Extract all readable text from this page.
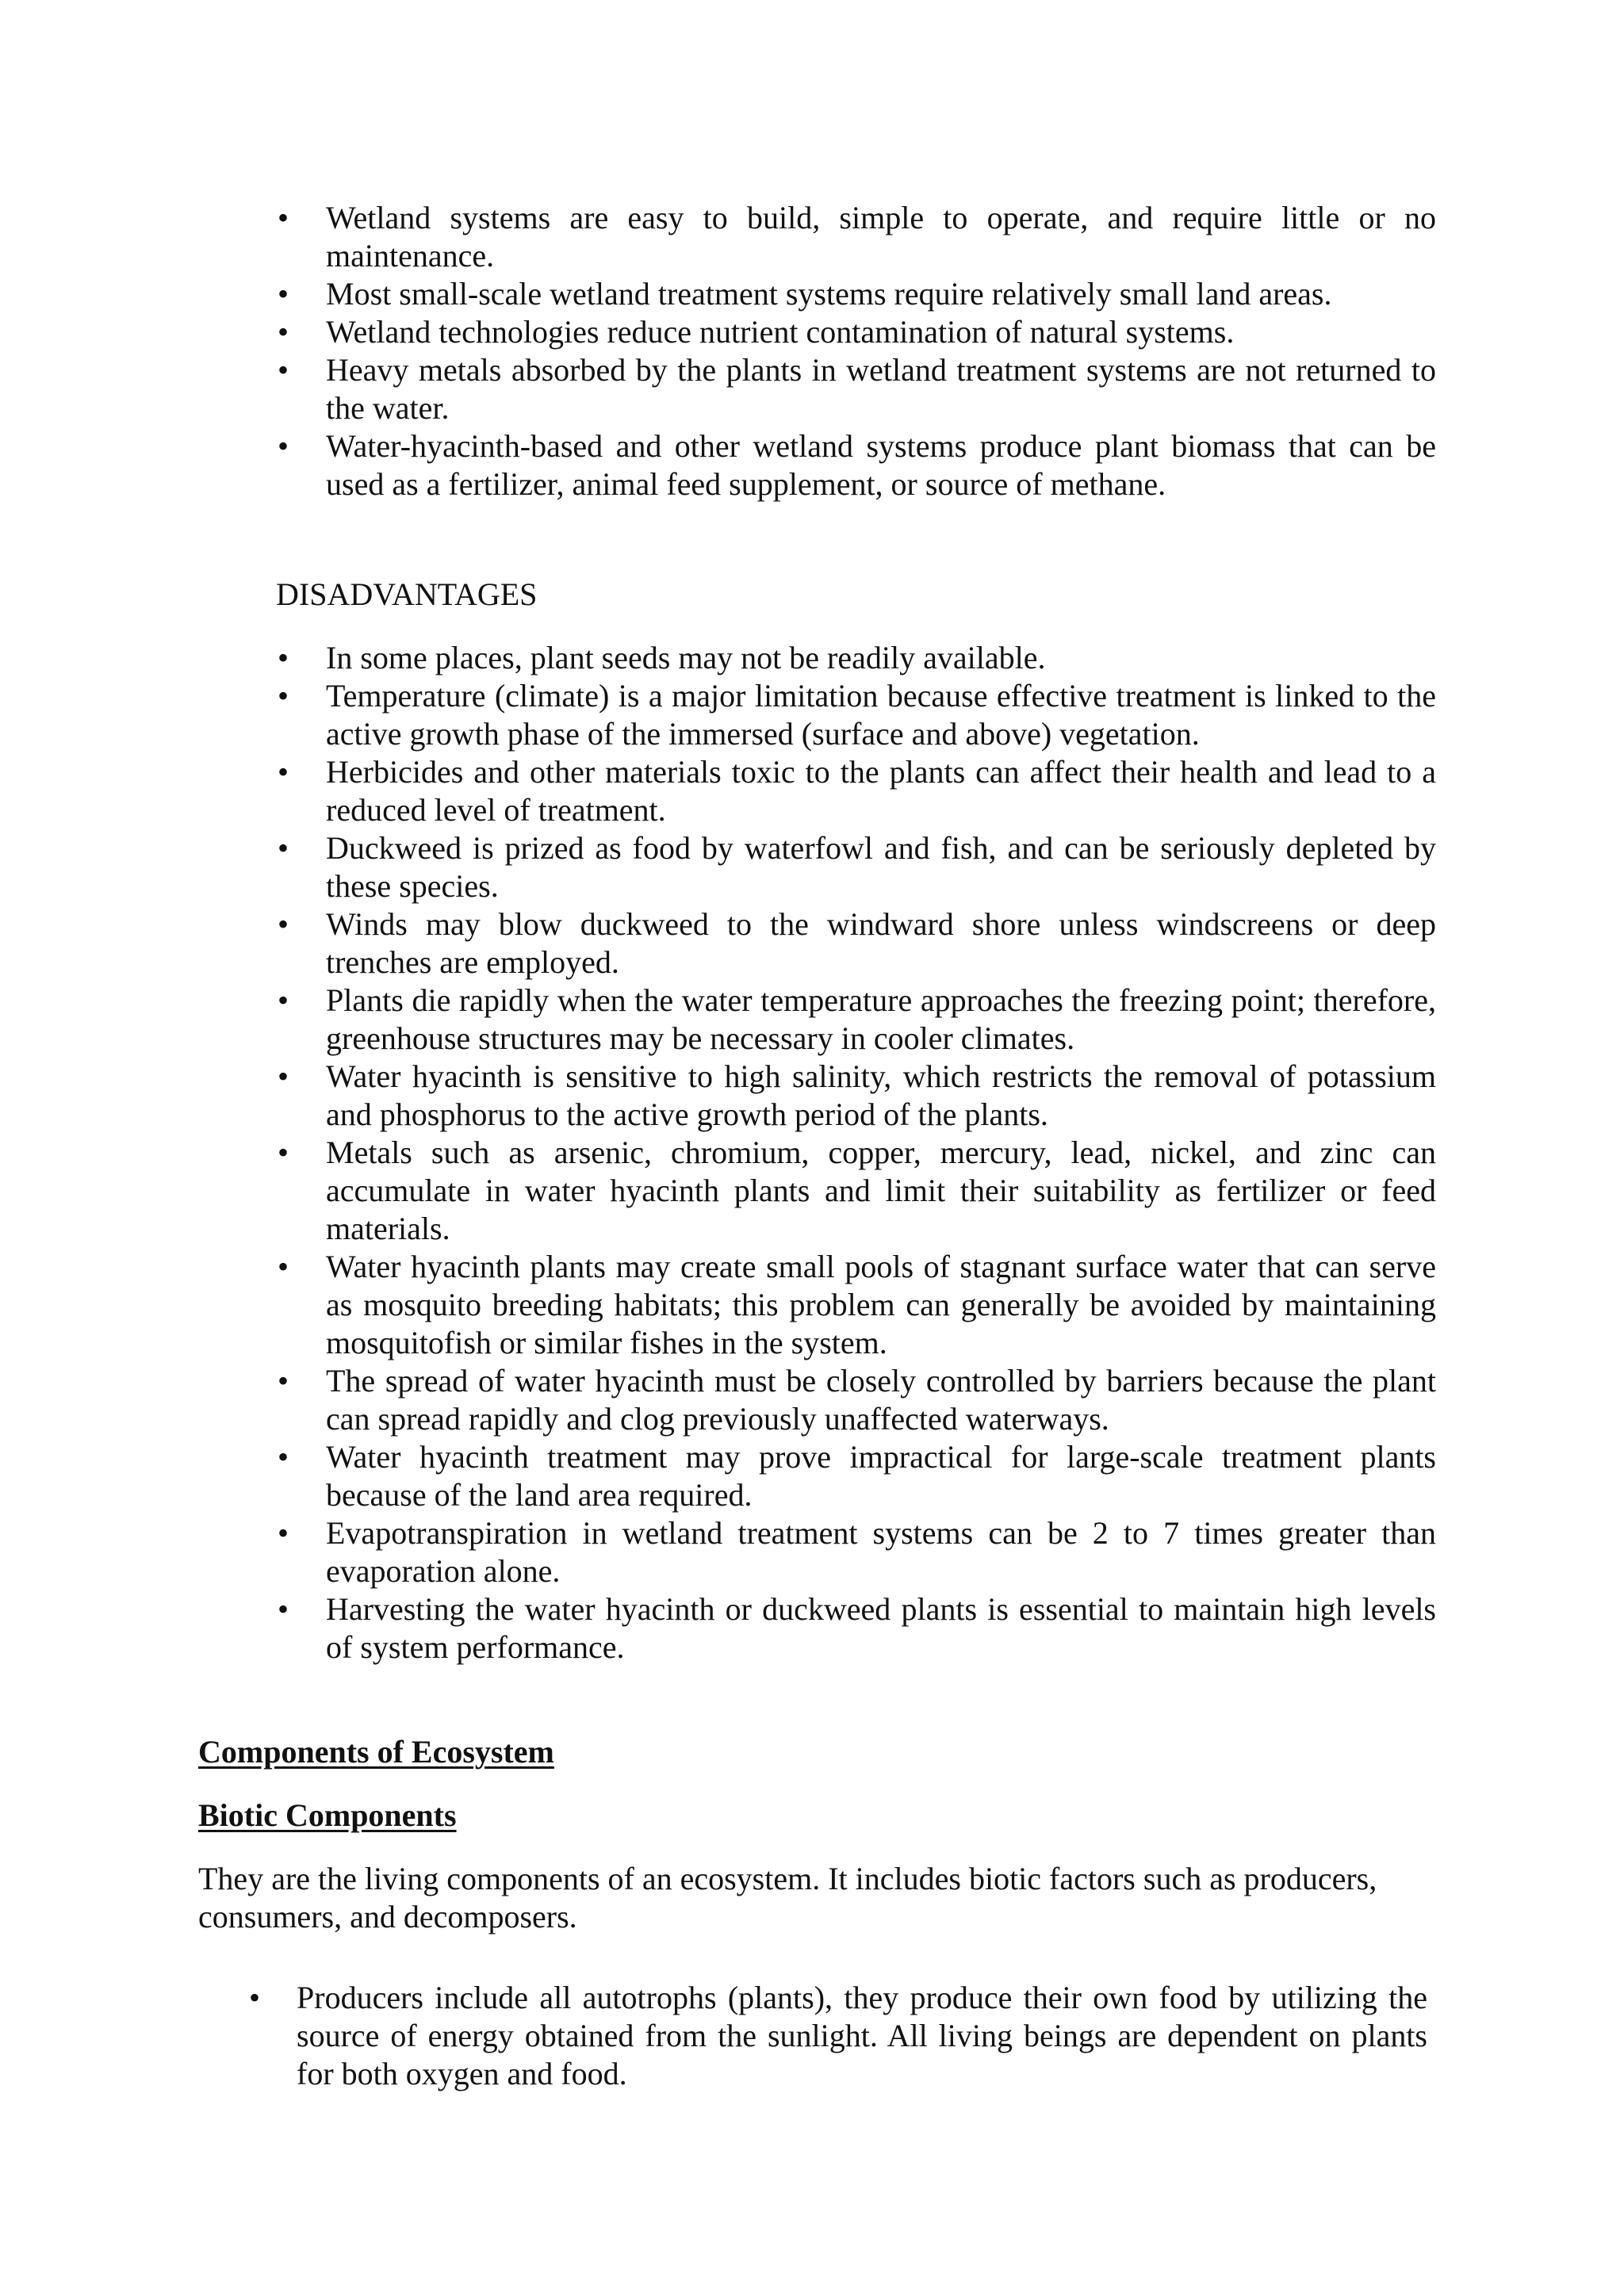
• Wetland systems are easy to build, simple to operate, and require little or no maintenance.
• Most small-scale wetland treatment systems require relatively small land areas.
• Wetland technologies reduce nutrient contamination of natural systems.
• Heavy metals absorbed by the plants in wetland treatment systems are not returned to the water.
• Water-hyacinth-based and other wetland systems produce plant biomass that can be used as a fertilizer, animal feed supplement, or source of methane.
DISADVANTAGES
• In some places, plant seeds may not be readily available.
• Temperature (climate) is a major limitation because effective treatment is linked to the active growth phase of the immersed (surface and above) vegetation.
• Herbicides and other materials toxic to the plants can affect their health and lead to a reduced level of treatment.
• Duckweed is prized as food by waterfowl and fish, and can be seriously depleted by these species.
• Winds may blow duckweed to the windward shore unless windscreens or deep trenches are employed.
• Plants die rapidly when the water temperature approaches the freezing point; therefore, greenhouse structures may be necessary in cooler climates.
• Water hyacinth is sensitive to high salinity, which restricts the removal of potassium and phosphorus to the active growth period of the plants.
• Metals such as arsenic, chromium, copper, mercury, lead, nickel, and zinc can accumulate in water hyacinth plants and limit their suitability as fertilizer or feed materials.
• Water hyacinth plants may create small pools of stagnant surface water that can serve as mosquito breeding habitats; this problem can generally be avoided by maintaining mosquitofish or similar fishes in the system.
• The spread of water hyacinth must be closely controlled by barriers because the plant can spread rapidly and clog previously unaffected waterways.
• Water hyacinth treatment may prove impractical for large-scale treatment plants because of the land area required.
• Evapotranspiration in wetland treatment systems can be 2 to 7 times greater than evaporation alone.
• Harvesting the water hyacinth or duckweed plants is essential to maintain high levels of system performance.
Components of Ecosystem
Biotic Components
They are the living components of an ecosystem. It includes biotic factors such as producers, consumers, and decomposers.
• Producers include all autotrophs (plants), they produce their own food by utilizing the source of energy obtained from the sunlight. All living beings are dependent on plants for both oxygen and food.
